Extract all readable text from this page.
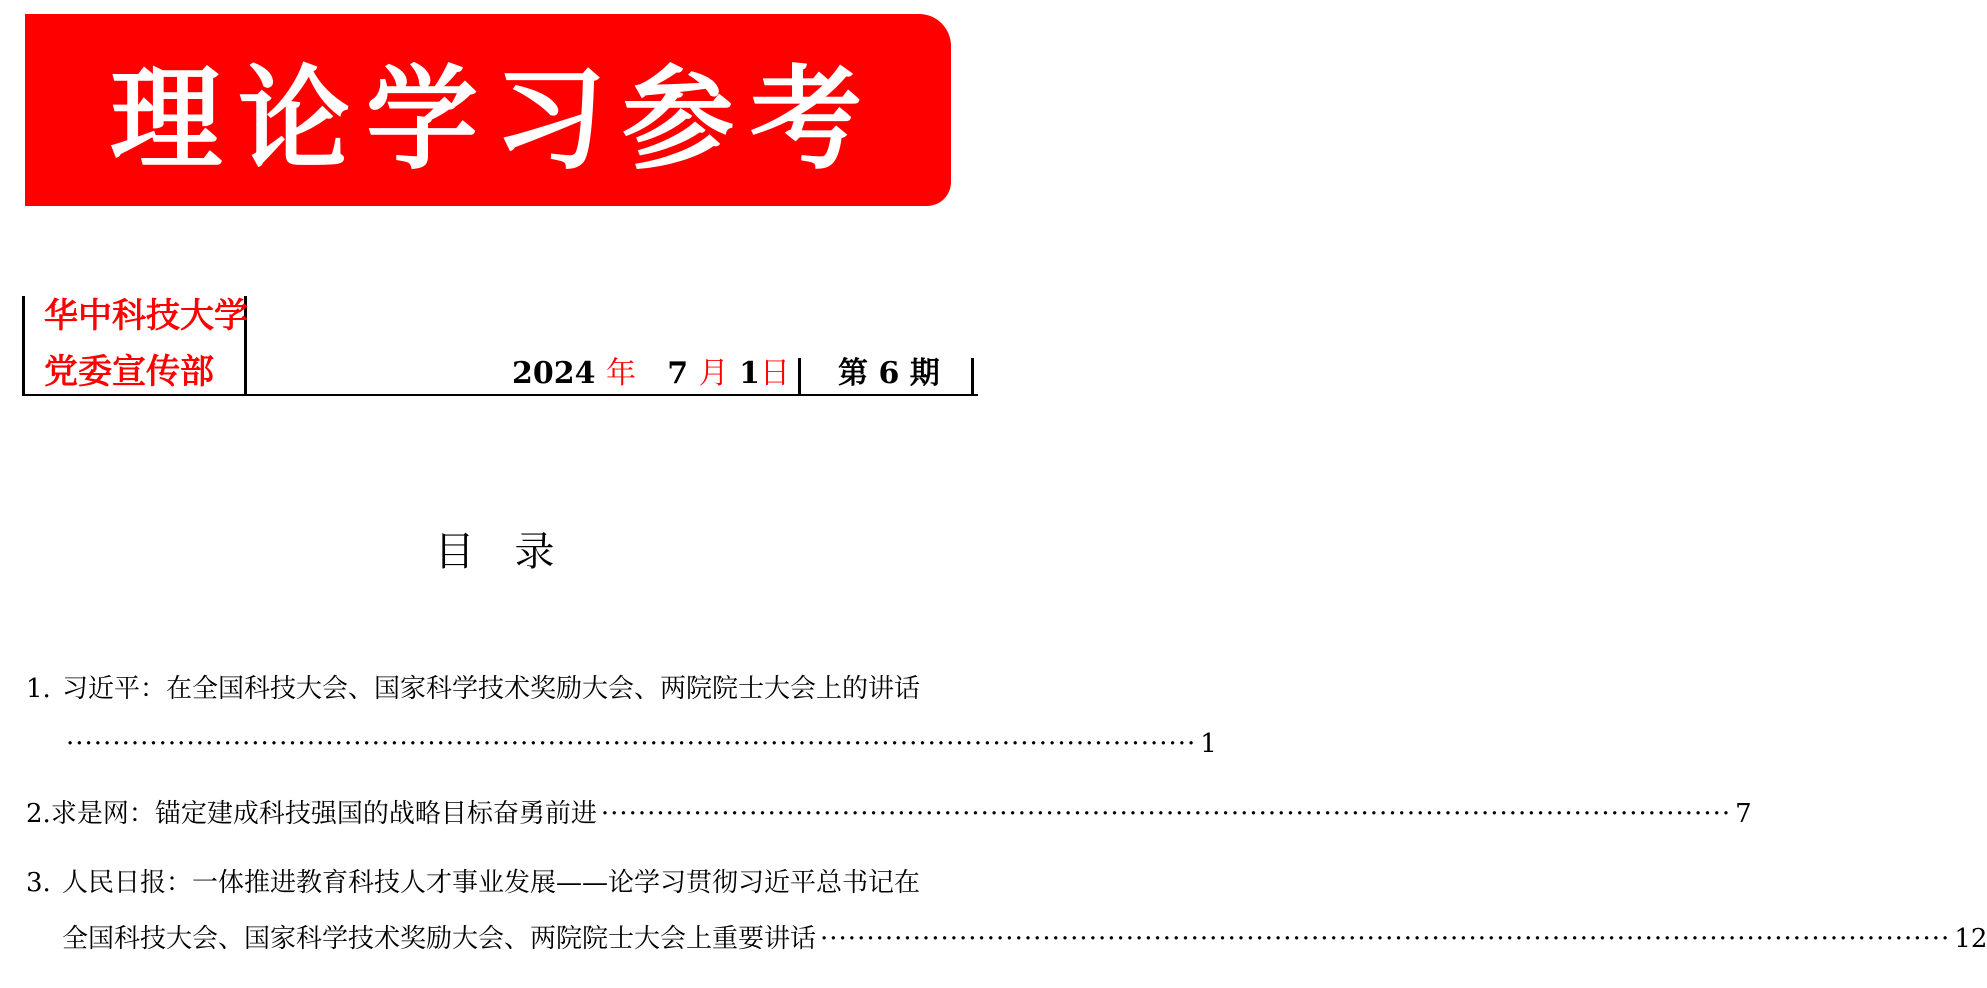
理论学习参考
华中科技大学
党委宣传部	2024 年 7 月 1日 第 6 期
目录
1. 习近平：在全国科技大会、国家科学技术奖励大会、两院院士大会上的讲话
·························································································································· 1
2. 求是网：锚定建成科技强国的战略目标奋勇前进 ·························································································································· 7
3. 人民日报：一体推进教育科技人才事业发展——论学习贯彻习近平总书记在
全国科技大会、国家科学技术奖励大会、两院院士大会上重要讲话 ·························································································································· 12
